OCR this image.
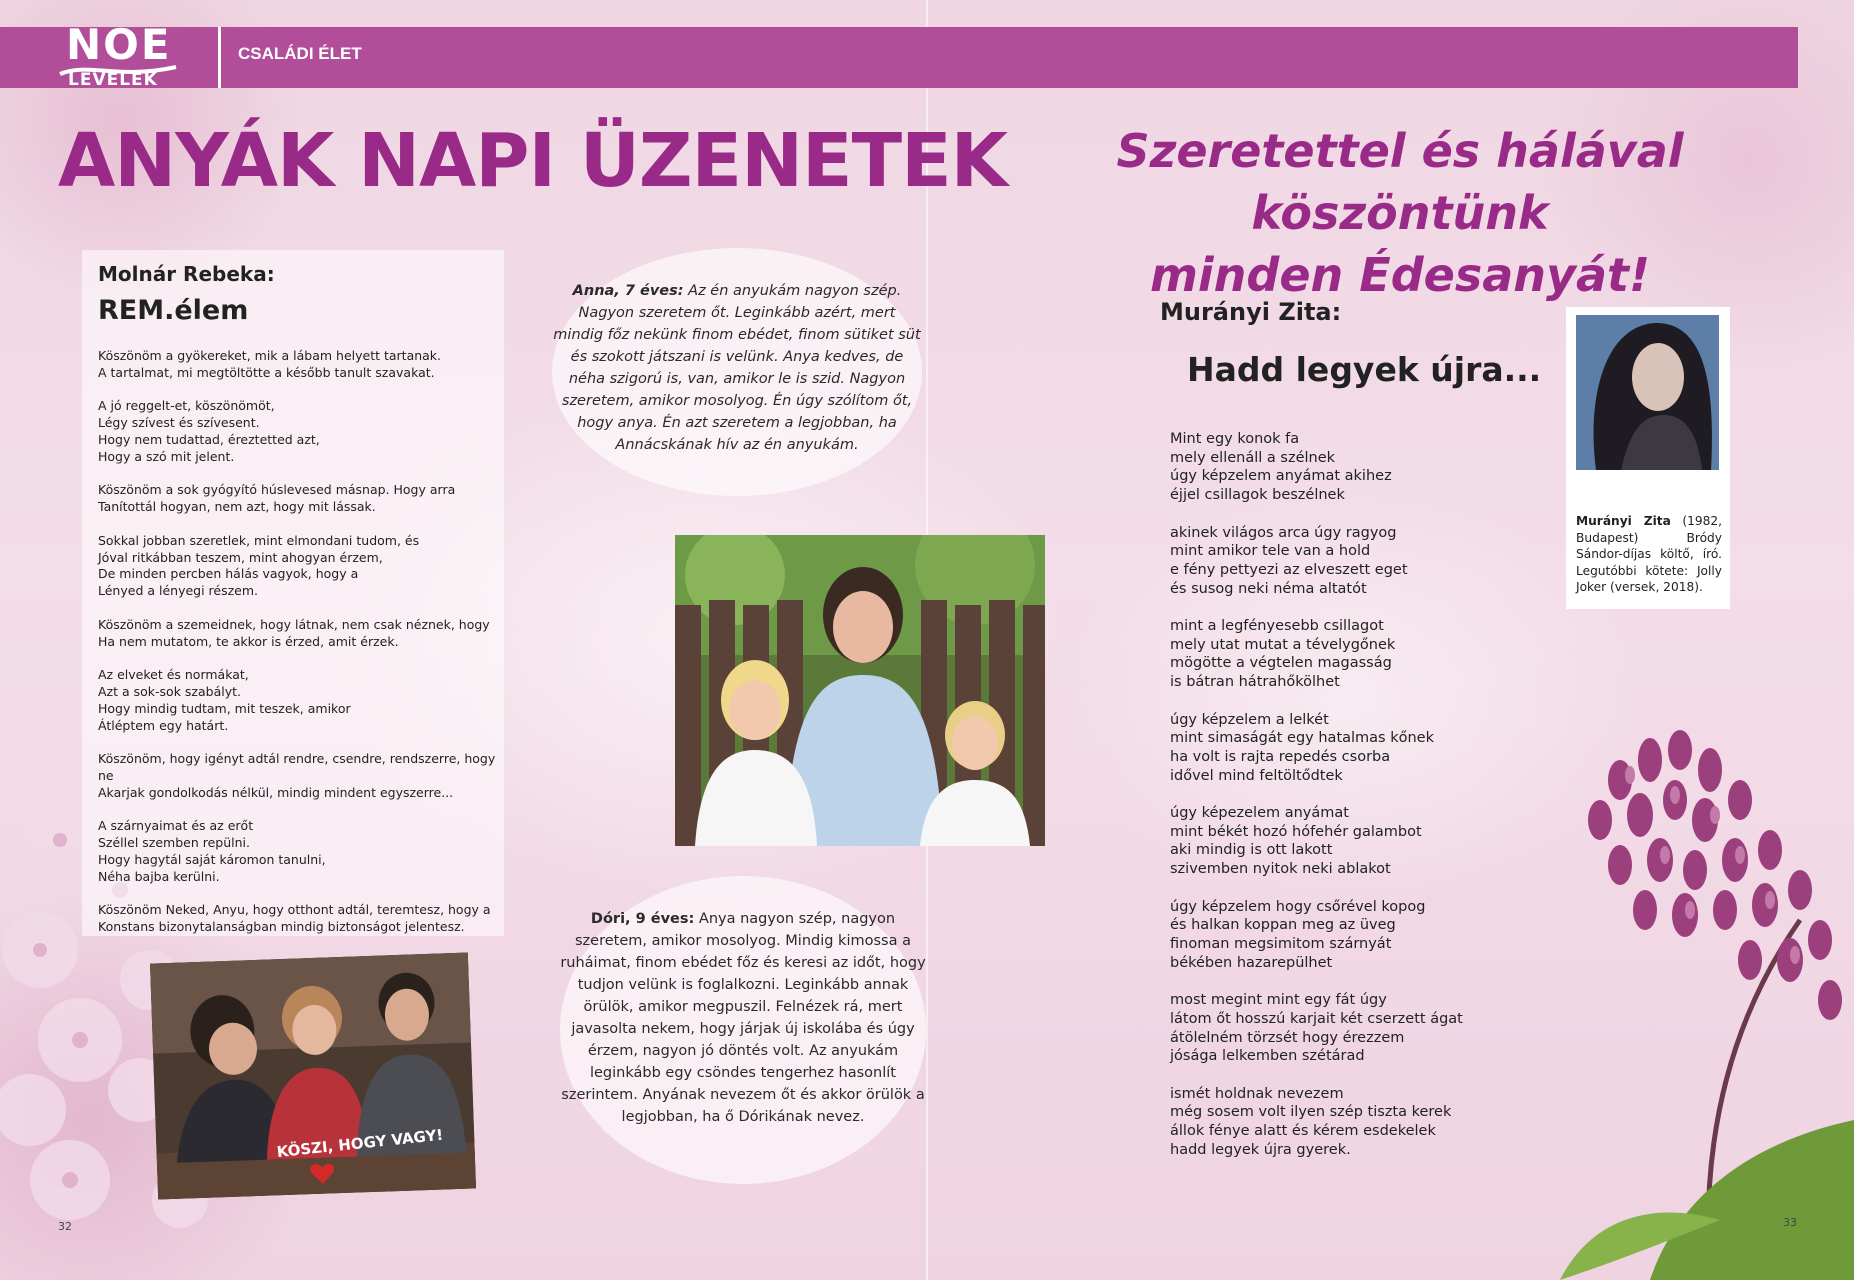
NOE
LEVELEK
CSALÁDI ÉLET
ANYÁK NAPI ÜZENETEK
Molnár Rebeka:
REM.élem
Köszönöm a gyökereket, mik a lábam helyett tartanak.
A tartalmat, mi megtöltötte a később tanult szavakat.

A jó reggelt-et, köszönömöt,
Légy szívest és szívesent.
Hogy nem tudattad, éreztetted azt,
Hogy a szó mit jelent.

Köszönöm a sok gyógyító húslevesed másnap. Hogy arra
Tanítottál hogyan, nem azt, hogy mit lássak.

Sokkal jobban szeretlek, mint elmondani tudom, és
Jóval ritkábban teszem, mint ahogyan érzem,
De minden percben hálás vagyok, hogy a
Lényed a lényegi részem.

Köszönöm a szemeidnek, hogy látnak, nem csak néznek, hogy
Ha nem mutatom, te akkor is érzed, amit érzek.

Az elveket és normákat,
Azt a sok-sok szabályt.
Hogy mindig tudtam, mit teszek, amikor
Átléptem egy határt.

Köszönöm, hogy igényt adtál rendre, csendre, rendszerre, hogy ne
Akarjak gondolkodás nélkül, mindig mindent egyszerre...

A szárnyaimat és az erőt
Széllel szemben repülni.
Hogy hagytál saját káromon tanulni,
Néha bajba kerülni.

Köszönöm Neked, Anyu, hogy otthont adtál, teremtesz, hogy a
Konstans bizonytalanságban mindig biztonságot jelentesz.
Anna, 7 éves: Az én anyukám nagyon szép. Nagyon szeretem őt. Leginkább azért, mert mindig főz nekünk finom ebédet, finom sütiket süt és szokott játszani is velünk. Anya kedves, de néha szigorú is, van, amikor le is szid. Nagyon szeretem, amikor mosolyog. Én úgy szólítom őt, hogy anya. Én azt szeretem a legjobban, ha Annácskának hív az én anyukám.
Dóri, 9 éves: Anya nagyon szép, nagyon szeretem, amikor mosolyog. Mindig kimossa a ruháimat, finom ebédet főz és keresi az időt, hogy tudjon velünk is foglalkozni. Leginkább annak örülök, amikor megpuszil. Felnézek rá, mert javasolta nekem, hogy járjak új iskolába és úgy érzem, nagyon jó döntés volt. Az anyukám leginkább egy csöndes tengerhez hasonlít szerintem. Anyának nevezem őt és akkor örülök a legjobban, ha ő Dórikának nevez.
KÖSZI, HOGY VAGY!
32
Szeretettel és hálával köszöntünk
minden Édesanyát!
Murányi Zita:
Hadd legyek újra...
Mint egy konok fa
mely ellenáll a szélnek
úgy képzelem anyámat akihez
éjjel csillagok beszélnek

akinek világos arca úgy ragyog
mint amikor tele van a hold
e fény pettyezi az elveszett eget
és susog neki néma altatót

mint a legfényesebb csillagot
mely utat mutat a tévelygőnek
mögötte a végtelen magasság
is bátran hátrahőkölhet

úgy képzelem a lelkét
mint simaságát egy hatalmas kőnek
ha volt is rajta repedés csorba
idővel mind feltöltődtek

úgy képezelem anyámat
mint békét hozó hófehér galambot
aki mindig is ott lakott
szivemben nyitok neki ablakot

úgy képzelem hogy csőrével kopog
és halkan koppan meg az üveg
finoman megsimitom szárnyát
békében hazarepülhet

most megint mint egy fát úgy
látom őt hosszú karjait két cserzett ágat
átölelném törzsét hogy érezzem
jósága lelkemben szétárad

ismét holdnak nevezem
még sosem volt ilyen szép tiszta kerek
állok fénye alatt és kérem esdekelek
hadd legyek újra gyerek.
Murányi Zita (1982, Budapest) Bródy Sándor-díjas költő, író. Legutóbbi kötete: Jolly Joker (versek, 2018).
33
